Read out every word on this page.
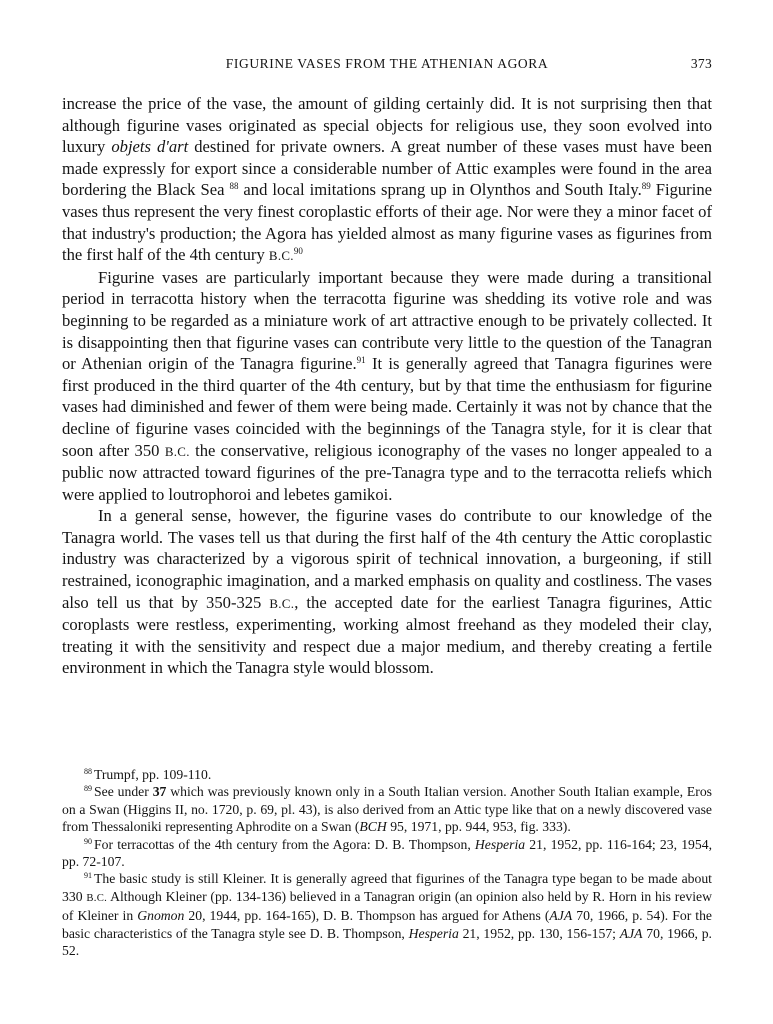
FIGURINE VASES FROM THE ATHENIAN AGORA	373

increase the price of the vase, the amount of gilding certainly did. It is not surprising then that although figurine vases originated as special objects for religious use, they soon evolved into luxury objets d'art destined for private owners. A great number of these vases must have been made expressly for export since a considerable number of Attic examples were found in the area bordering the Black Sea $^{88}$ and local imitations sprang up in Olynthos and South Italy.$^{89}$ Figurine vases thus represent the very finest coroplastic efforts of their age. Nor were they a minor facet of that industry's production; the Agora has yielded almost as many figurine vases as figurines from the first half of the 4th century B.C.$^{90}$

Figurine vases are particularly important because they were made during a transitional period in terracotta history when the terracotta figurine was shedding its votive role and was beginning to be regarded as a miniature work of art attractive enough to be privately collected. It is disappointing then that figurine vases can contribute very little to the question of the Tanagran or Athenian origin of the Tanagra figurine.$^{91}$ It is generally agreed that Tanagra figurines were first produced in the third quarter of the 4th century, but by that time the enthusiasm for figurine vases had diminished and fewer of them were being made. Certainly it was not by chance that the decline of figurine vases coincided with the beginnings of the Tanagra style, for it is clear that soon after 350 B.C. the conservative, religious iconography of the vases no longer appealed to a public now attracted toward figurines of the pre-Tanagra type and to the terracotta reliefs which were applied to loutrophoroi and lebetes gamikoi.

In a general sense, however, the figurine vases do contribute to our knowledge of the Tanagra world. The vases tell us that during the first half of the 4th century the Attic coroplastic industry was characterized by a vigorous spirit of technical innovation, a burgeoning, if still restrained, iconographic imagination, and a marked emphasis on quality and costliness. The vases also tell us that by 350-325 B.C., the accepted date for the earliest Tanagra figurines, Attic coroplasts were restless, experimenting, working almost freehand as they modeled their clay, treating it with the sensitivity and respect due a major medium, and thereby creating a fertile environment in which the Tanagra style would blossom.

$^{88}$ Trumpf, pp. 109-110.

$^{89}$ See under 37 which was previously known only in a South Italian version. Another South Italian example, Eros on a Swan (Higgins II, no. 1720, p. 69, pl. 43), is also derived from an Attic type like that on a newly discovered vase from Thessaloniki representing Aphrodite on a Swan (BCH 95, 1971, pp. 944, 953, fig. 333).

$^{90}$ For terracottas of the 4th century from the Agora: D. B. Thompson, Hesperia 21, 1952, pp. 116-164; 23, 1954, pp. 72-107.

$^{91}$ The basic study is still Kleiner. It is generally agreed that figurines of the Tanagra type began to be made about 330 B.C. Although Kleiner (pp. 134-136) believed in a Tanagran origin (an opinion also held by R. Horn in his review of Kleiner in Gnomon 20, 1944, pp. 164-165), D. B. Thompson has argued for Athens (AJA 70, 1966, p. 54). For the basic characteristics of the Tanagra style see D. B. Thompson, Hesperia 21, 1952, pp. 130, 156-157; AJA 70, 1966, p. 52.
